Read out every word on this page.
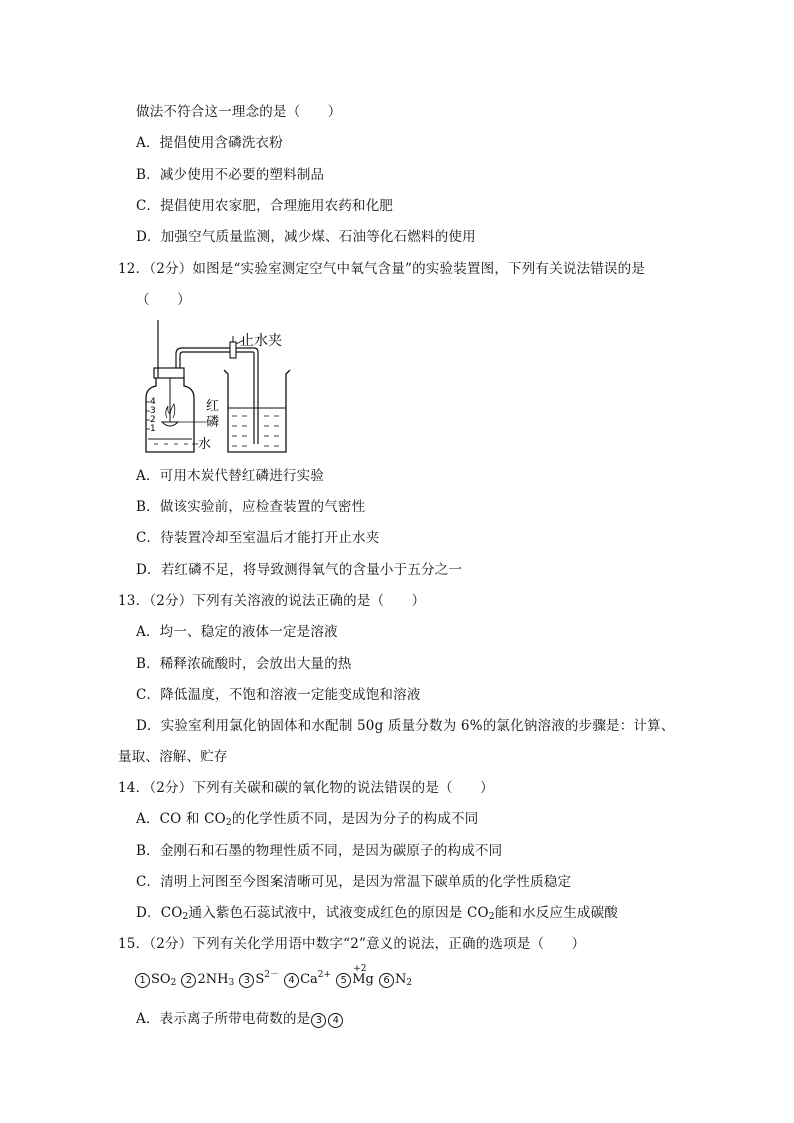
做法不符合这一理念的是（　　）
A．提倡使用含磷洗衣粉
B．减少使用不必要的塑料制品
C．提倡使用农家肥，合理施用农药和化肥
D．加强空气质量监测，减少煤、石油等化石燃料的使用
12．（2分）如图是“实验室测定空气中氧气含量”的实验装置图，下列有关说法错误的是
（　　）
4
3
2
1
止水夹
红
磷
水
A．可用木炭代替红磷进行实验
B．做该实验前，应检查装置的气密性
C．待装置冷却至室温后才能打开止水夹
D．若红磷不足，将导致测得氧气的含量小于五分之一
13．（2分）下列有关溶液的说法正确的是（　　）
A．均一、稳定的液体一定是溶液
B．稀释浓硫酸时，会放出大量的热
C．降低温度，不饱和溶液一定能变成饱和溶液
D．实验室利用氯化钠固体和水配制 50g 质量分数为 6%的氯化钠溶液的步骤是：计算、
量取、溶解、贮存
14．（2分）下列有关碳和碳的氧化物的说法错误的是（　　）
A．CO 和 $CO_2$的化学性质不同，是因为分子的构成不同
B．金刚石和石墨的物理性质不同，是因为碳原子的构成不同
C．清明上河图至今图案清晰可见，是因为常温下碳单质的化学性质稳定
D．$CO_2$通入紫色石蕊试液中，试液变成红色的原因是 $CO_2$能和水反应生成碳酸
15．（2分）下列有关化学用语中数字“2”意义的说法，正确的选项是（　　）
1 $SO_2$ 2 $2NH_3$ 3 $S^{2-}$ 4 $Ca^{2+}$ 5
+2
Mg 6 $N_2$
A．表示离子所带电荷数的是 3 4
